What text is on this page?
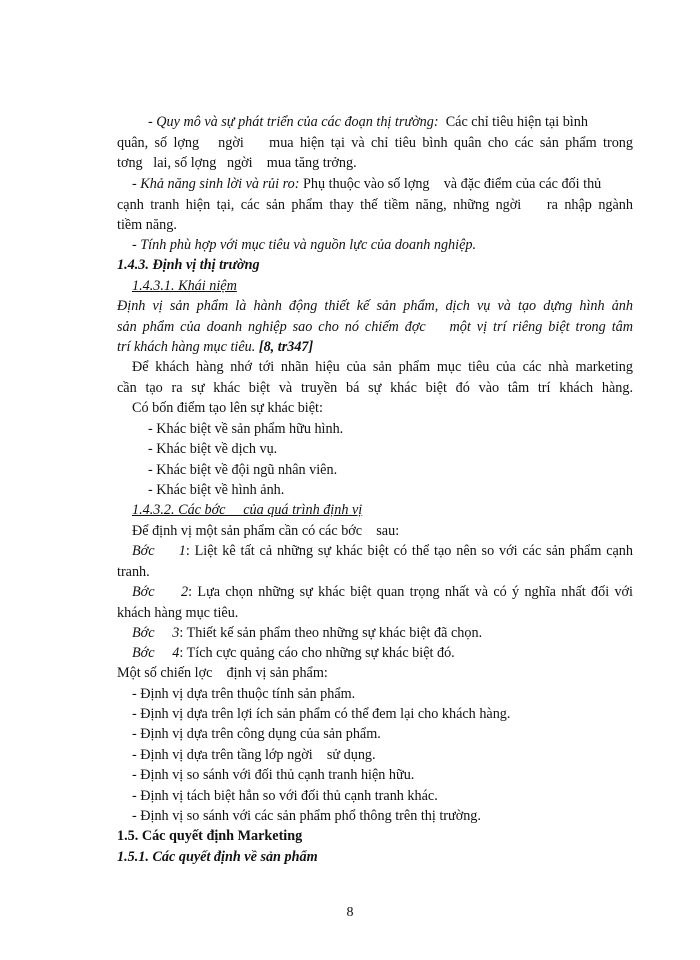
- Quy mô và sự phát triển của các đoạn thị trường:  Các chỉ tiêu hiện tại bình
quân, số lợng   ngời    mua hiện tại và chỉ tiêu bình quân cho các sản phẩm trong
tơng   lai, số lợng   ngời    mua tăng trởng.
- Khả năng sinh lời và rủi ro: Phụ thuộc vào số lợng    và đặc điểm của các đối thủ
cạnh tranh hiện tại, các sản phẩm thay thế tiềm năng, những ngời    ra nhập ngành
tiềm năng.
- Tính phù hợp với mục tiêu và nguồn lực của doanh nghiệp.
1.4.3. Định vị thị trường
1.4.3.1. Khái niệm
Định vị sản phẩm là hành động thiết kế sản phẩm, dịch vụ và tạo dựng hình ảnh
sản phẩm của doanh nghiệp sao cho nó chiếm đợc    một vị trí riêng biệt trong tâm
trí khách hàng mục tiêu. [8, tr347]
Để khách hàng nhớ tới nhãn hiệu của sản phẩm mục tiêu của các nhà marketing
cần tạo ra sự khác biệt và truyền bá sự khác biệt đó vào tâm trí khách hàng.
Có bốn điểm tạo lên sự khác biệt:
- Khác biệt về sản phẩm hữu hình.
- Khác biệt về dịch vụ.
- Khác biệt về đội ngũ nhân viên.
- Khác biệt về hình ảnh.
1.4.3.2. Các bớc     của quá trình định vị
Để định vị một sản phẩm cần có các bớc    sau:
Bớc     1: Liệt kê tất cả những sự khác biệt có thể tạo nên so với các sản phẩm cạnh
tranh.
Bớc     2: Lựa chọn những sự khác biệt quan trọng nhất và có ý nghĩa nhất đối với
khách hàng mục tiêu.
Bớc     3: Thiết kế sản phẩm theo những sự khác biệt đã chọn.
Bớc     4: Tích cực quảng cáo cho những sự khác biệt đó.
Một số chiến lợc    định vị sản phẩm:
- Định vị dựa trên thuộc tính sản phẩm.
- Định vị dựa trên lợi ích sản phẩm có thể đem lại cho khách hàng.
- Định vị dựa trên công dụng của sản phẩm.
- Định vị dựa trên tầng lớp ngời    sử dụng.
- Định vị so sánh với đối thủ cạnh tranh hiện hữu.
- Định vị tách biệt hẳn so với đối thủ cạnh tranh khác.
- Định vị so sánh với các sản phẩm phổ thông trên thị trường.
1.5. Các quyết định Marketing
1.5.1. Các quyết định về sản phẩm
8
